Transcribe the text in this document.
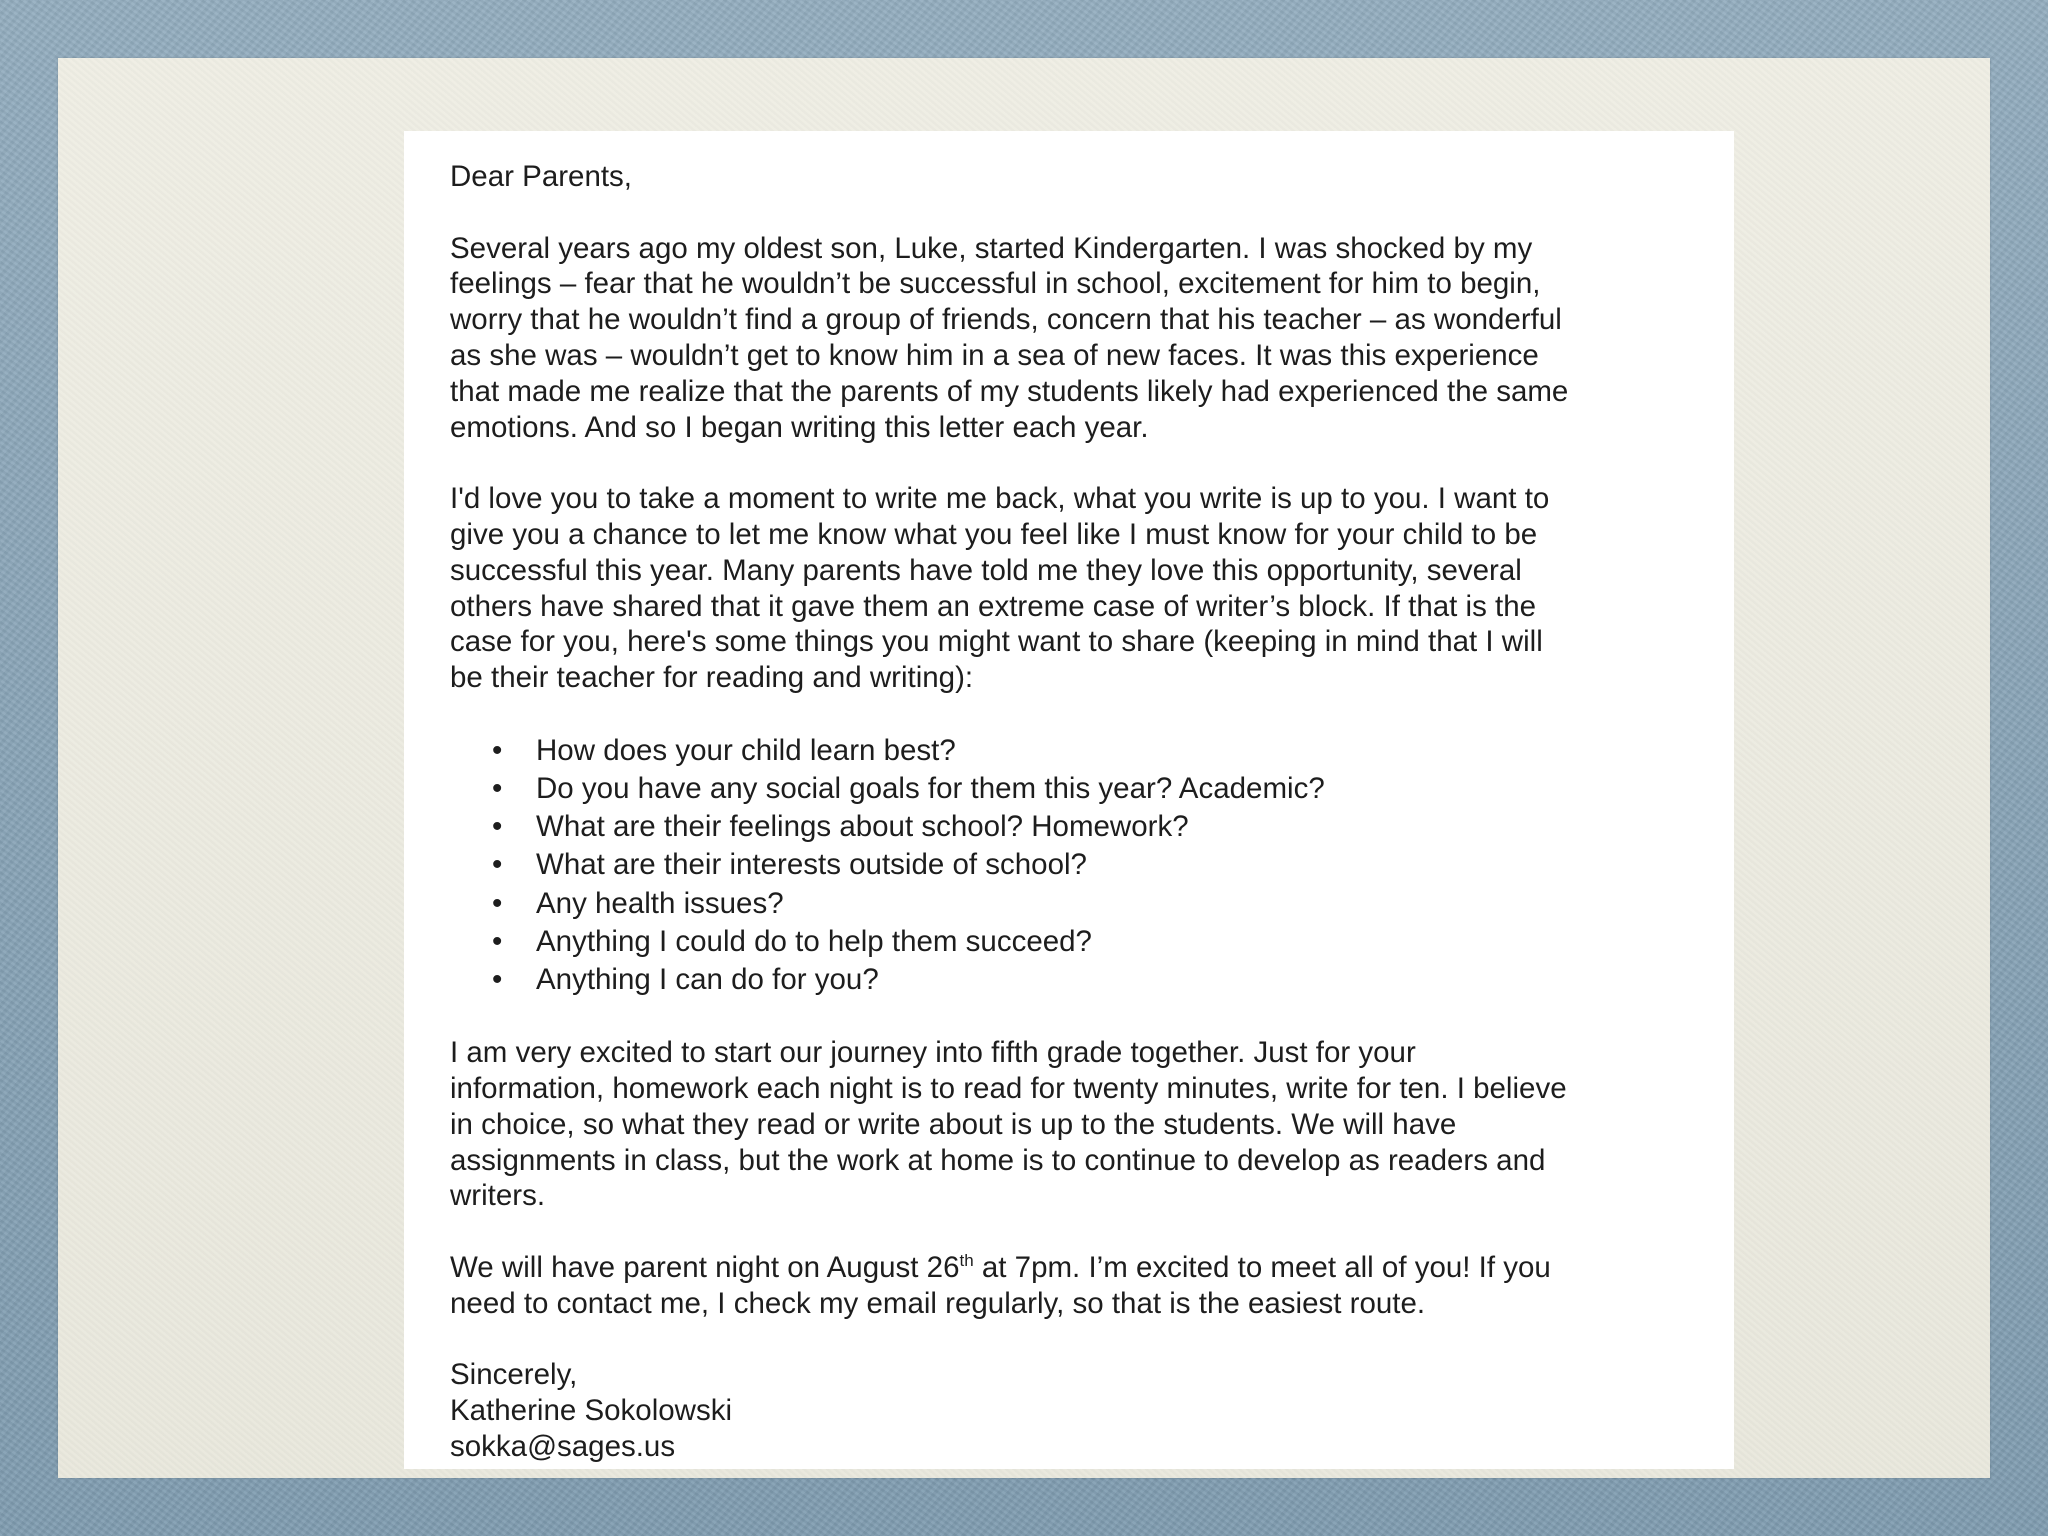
Dear Parents,

Several years ago my oldest son, Luke, started Kindergarten. I was shocked by my
feelings – fear that he wouldn’t be successful in school, excitement for him to begin,
worry that he wouldn’t find a group of friends, concern that his teacher – as wonderful
as she was – wouldn’t get to know him in a sea of new faces. It was this experience
that made me realize that the parents of my students likely had experienced the same
emotions. And so I began writing this letter each year.

I'd love you to take a moment to write me back, what you write is up to you. I want to
give you a chance to let me know what you feel like I must know for your child to be
successful this year. Many parents have told me they love this opportunity, several
others have shared that it gave them an extreme case of writer’s block. If that is the
case for you, here's some things you might want to share (keeping in mind that I will
be their teacher for reading and writing):

• How does your child learn best?
• Do you have any social goals for them this year? Academic?
• What are their feelings about school? Homework?
• What are their interests outside of school?
• Any health issues?
• Anything I could do to help them succeed?
• Anything I can do for you?

I am very excited to start our journey into fifth grade together. Just for your
information, homework each night is to read for twenty minutes, write for ten. I believe
in choice, so what they read or write about is up to the students. We will have
assignments in class, but the work at home is to continue to develop as readers and
writers.

We will have parent night on August 26th at 7pm. I’m excited to meet all of you! If you
need to contact me, I check my email regularly, so that is the easiest route.

Sincerely,

Katherine Sokolowski

sokka@sages.us
